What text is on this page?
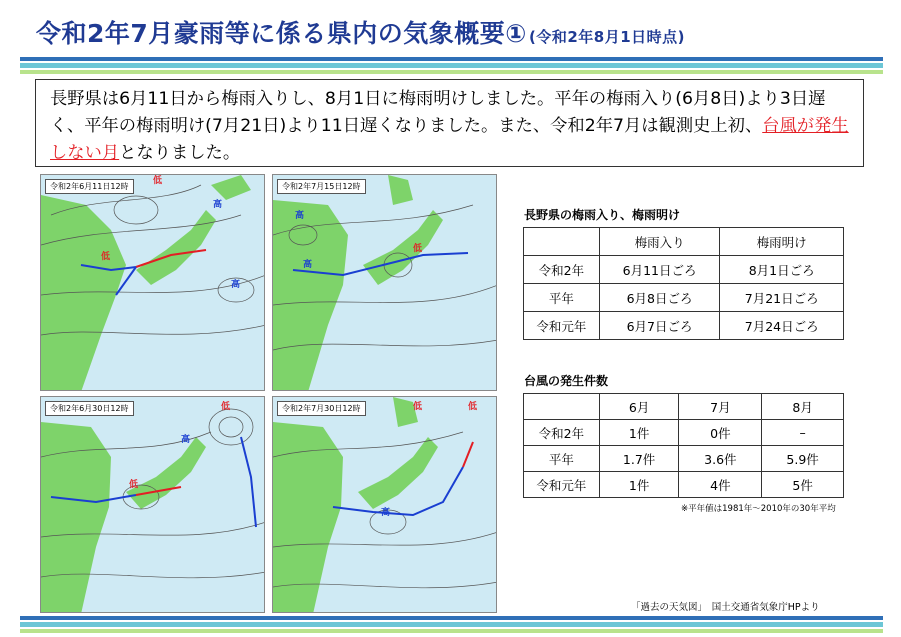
令和2年7月豪雨等に係る県内の気象概要① (令和2年8月1日時点)
長野県は6月11日から梅雨入りし、8月1日に梅雨明けしました。平年の梅雨入り(6月8日)より3日遅く、平年の梅雨明け(7月21日)より11日遅くなりました。また、令和2年7月は観測史上初、台風が発生しない月となりました。
令和2年6月11日12時
低
低
高
高
令和2年7月15日12時
高
低
高
令和2年6月30日12時	低
低
高
令和2年7月30日12時	低
低
高
長野県の梅雨入り、梅雨明け
	梅雨入り	梅雨明け
令和2年	6月11日ごろ	8月1日ごろ
平年	6月8日ごろ	7月21日ごろ
令和元年	6月7日ごろ	7月24日ごろ
台風の発生件数
	6月	7月	8月
令和2年	1件	0件	–
平年	1.7件	3.6件	5.9件
令和元年	1件	4件	5件
※平年値は1981年～2010年の30年平均
「過去の天気図」　国土交通省気象庁HPより
